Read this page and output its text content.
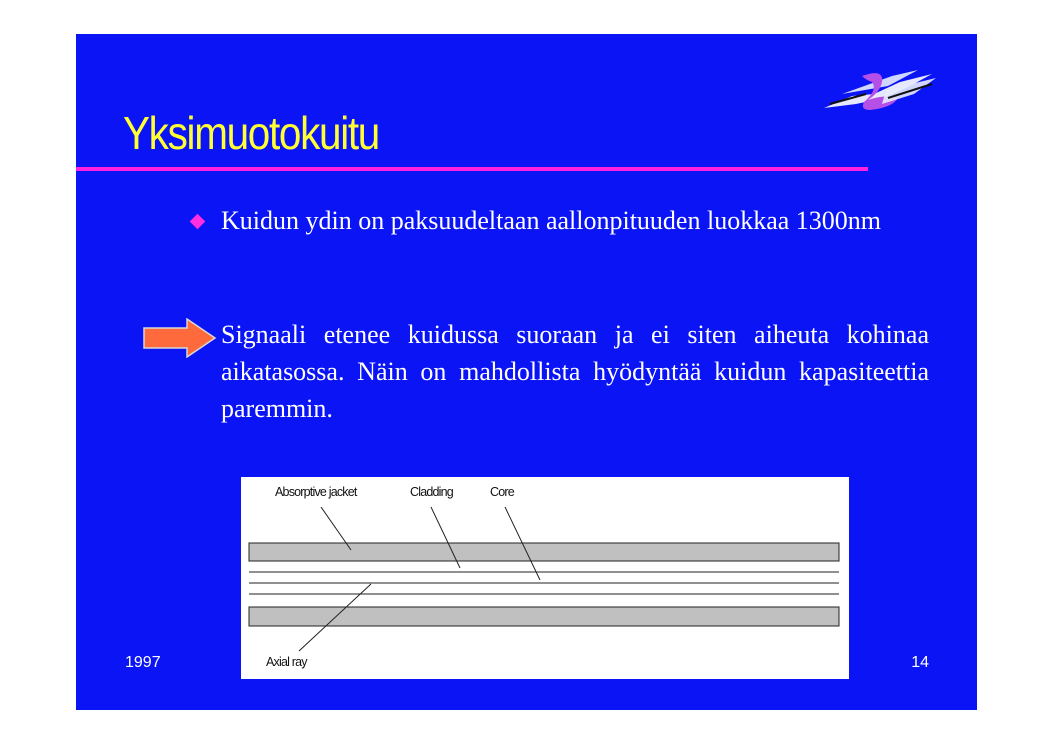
Yksimuotokuitu

Kuidun ydin on paksuudeltaan aallonpituuden luokkaa 1300nm

Signaali etenee kuidussa suoraan ja ei siten aiheuta kohinaa aikatasossa. Näin on mahdollista hyödyntää kuidun kapasiteettia paremmin.

Absorptive jacket	Cladding	Core
Axial ray
1997	14
